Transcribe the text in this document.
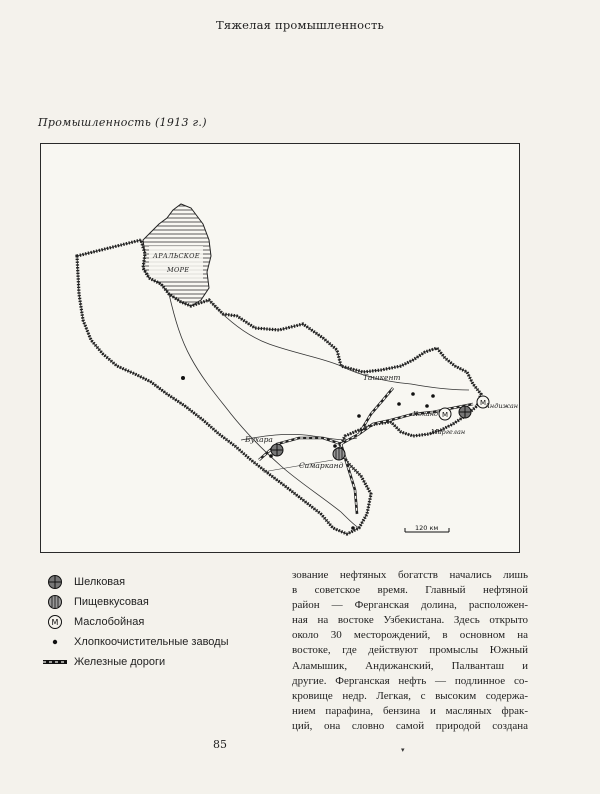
Тяжелая промышленность
Промышленность (1913 г.)
М
М
АРАЛЬСКОЕ
МОРЕ
Ташкент
Бухара
Самарканд
Коканд
Маргелан
Андижан
120 км
Шелковая
Пищевкусовая
М Маслобойная
Хлопкоочистительные заводы
Железные дороги
зование нефтяных богатств начались лишь
в советское время. Главный нефтяной
район — Ферганская долина, расположен-
ная на востоке Узбекистана. Здесь открыто
около 30 месторождений, в основном на
востоке, где действуют промыслы Южный
Аламышик, Андижанский, Палванташ и
другие. Ферганская нефть — подлинное со-
кровище недр. Легкая, с высоким содержа-
нием парафина, бензина и масляных фрак-
ций, она словно самой природой создана
85	▾
